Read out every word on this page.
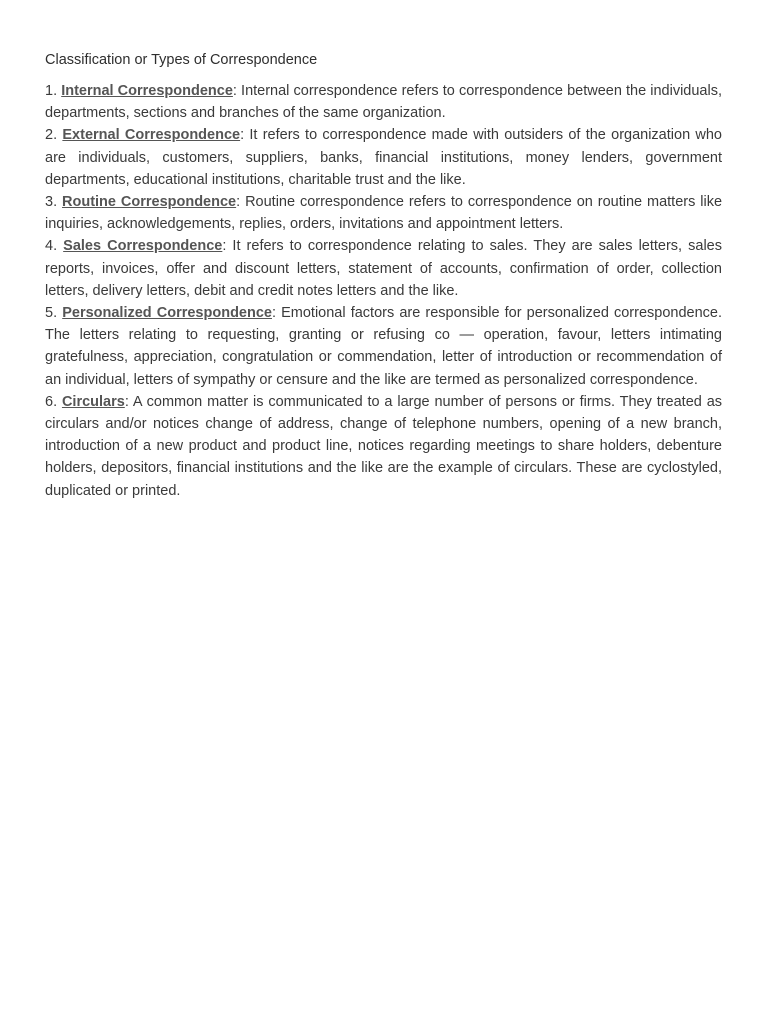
Classification or Types of Correspondence

1. Internal Correspondence: Internal correspondence refers to correspondence between the individuals, departments, sections and branches of the same organization.

2. External Correspondence: It refers to correspondence made with outsiders of the organization who are individuals, customers, suppliers, banks, financial institutions, money lenders, government departments, educational institutions, charitable trust and the like.

3. Routine Correspondence: Routine correspondence refers to correspondence on routine matters like inquiries, acknowledgements, replies, orders, invitations and appointment letters.

4. Sales Correspondence: It refers to correspondence relating to sales. They are sales letters, sales reports, invoices, offer and discount letters, statement of accounts, confirmation of order, collection letters, delivery letters, debit and credit notes letters and the like.

5. Personalized Correspondence: Emotional factors are responsible for personalized correspondence. The letters relating to requesting, granting or refusing co — operation, favour, letters intimating gratefulness, appreciation, congratulation or commendation, letter of introduction or recommendation of an individual, letters of sympathy or censure and the like are termed as personalized correspondence.

6. Circulars: A common matter is communicated to a large number of persons or firms. They treated as circulars and/or notices change of address, change of telephone numbers, opening of a new branch, introduction of a new product and product line, notices regarding meetings to share holders, debenture holders, depositors, financial institutions and the like are the example of circulars. These are cyclostyled, duplicated or printed.
